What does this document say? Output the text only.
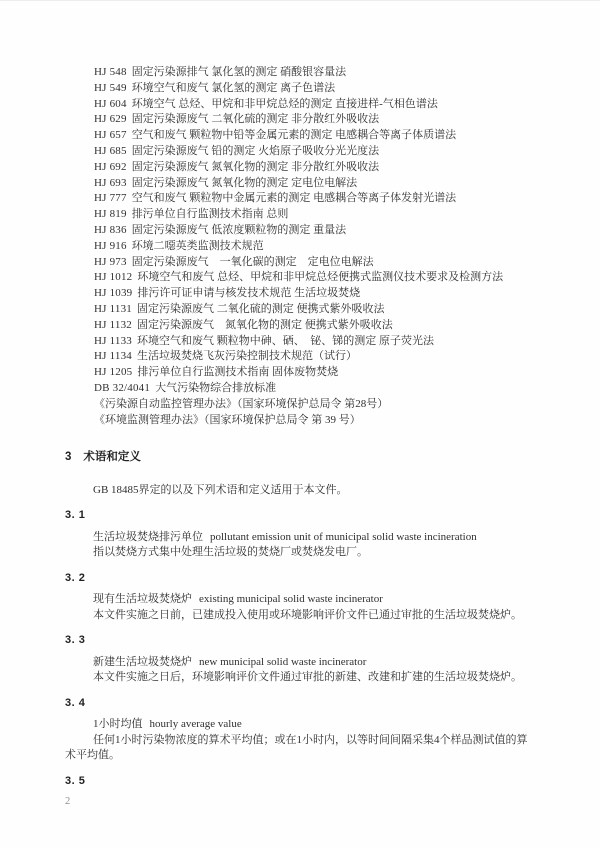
HJ 548 固定污染源排气 氯化氢的测定 硝酸银容量法
HJ 549 环境空气和废气 氯化氢的测定 离子色谱法
HJ 604 环境空气 总烃、甲烷和非甲烷总烃的测定 直接进样-气相色谱法
HJ 629 固定污染源废气 二氧化硫的测定 非分散红外吸收法
HJ 657 空气和废气 颗粒物中铅等金属元素的测定 电感耦合等离子体质谱法
HJ 685 固定污染源废气 铅的测定 火焰原子吸收分光光度法
HJ 692 固定污染源废气 氮氧化物的测定 非分散红外吸收法
HJ 693 固定污染源废气 氮氧化物的测定 定电位电解法
HJ 777 空气和废气 颗粒物中金属元素的测定 电感耦合等离子体发射光谱法
HJ 819 排污单位自行监测技术指南 总则
HJ 836 固定污染源废气 低浓度颗粒物的测定 重量法
HJ 916 环境二噁英类监测技术规范
HJ 973 固定污染源废气　一氧化碳的测定　定电位电解法
HJ 1012 环境空气和废气 总烃、甲烷和非甲烷总烃便携式监测仪技术要求及检测方法
HJ 1039 排污许可证申请与核发技术规范 生活垃圾焚烧
HJ 1131 固定污染源废气 二氧化硫的测定 便携式紫外吸收法
HJ 1132 固定污染源废气　氮氧化物的测定 便携式紫外吸收法
HJ 1133 环境空气和废气 颗粒物中砷、硒、　铋、锑的测定 原子荧光法
HJ 1134 生活垃圾焚烧飞灰污染控制技术规范（试行）
HJ 1205 排污单位自行监测技术指南 固体废物焚烧
DB 32/4041 大气污染物综合排放标准
《污染源自动监控管理办法》（国家环境保护总局令 第28号）
《环境监测管理办法》（国家环境保护总局令 第 39 号）
3 术语和定义

GB 18485界定的以及下列术语和定义适用于本文件。

3. 1
生活垃圾焚烧排污单位 pollutant emission unit of municipal solid waste incineration

指以焚烧方式集中处理生活垃圾的焚烧厂或焚烧发电厂。

3. 2
现有生活垃圾焚烧炉 existing municipal solid waste incinerator

本文件实施之日前，已建成投入使用或环境影响评价文件已通过审批的生活垃圾焚烧炉。

3. 3
新建生活垃圾焚烧炉 new municipal solid waste incinerator

本文件实施之日后，环境影响评价文件通过审批的新建、改建和扩建的生活垃圾焚烧炉。

3. 4
1小时均值 hourly average value

任何1小时污染物浓度的算术平均值；或在1小时内，以等时间间隔采集4个样品测试值的算术平均值。

3. 5
2
